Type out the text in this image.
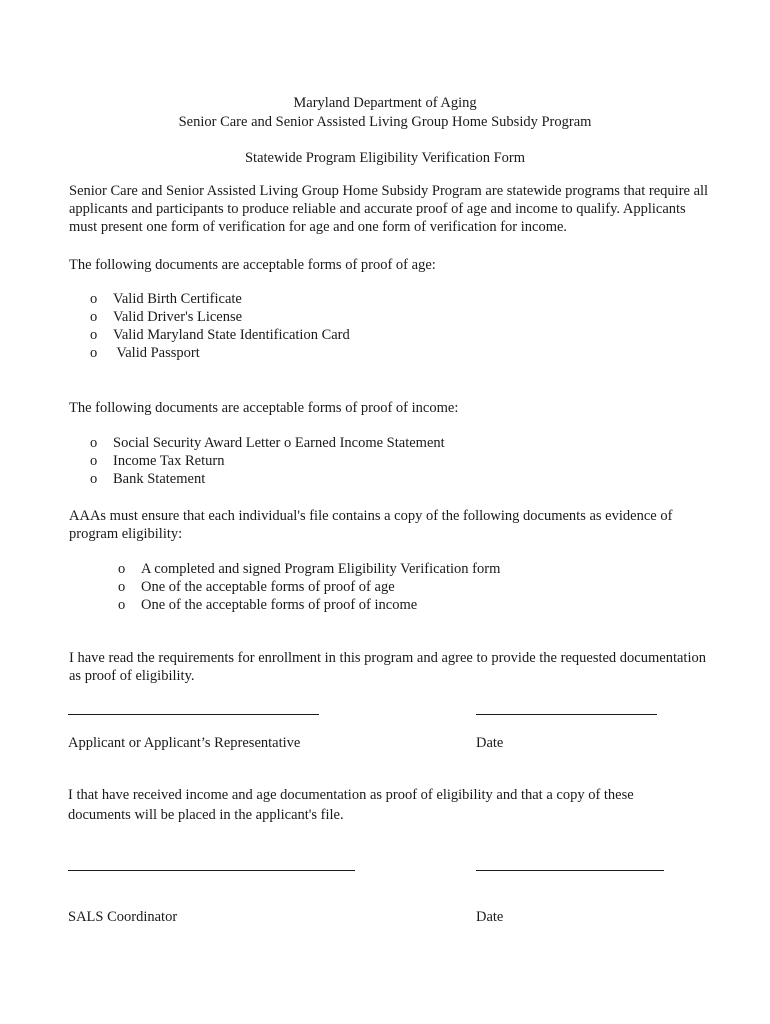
Maryland Department of Aging
Senior Care and Senior Assisted Living Group Home Subsidy Program
Statewide Program Eligibility Verification Form
Senior Care and Senior Assisted Living Group Home Subsidy Program are statewide programs that require all applicants and participants to produce reliable and accurate proof of age and income to qualify. Applicants must present one form of verification for age and one form of verification for income.
The following documents are acceptable forms of proof of age:
o Valid Birth Certificate
o Valid Driver's License
o Valid Maryland State Identification Card
o Valid Passport
The following documents are acceptable forms of proof of income:
o Social Security Award Letter o Earned Income Statement
o Income Tax Return
o Bank Statement
AAAs must ensure that each individual's file contains a copy of the following documents as evidence of program eligibility:
o A completed and signed Program Eligibility Verification form
o One of the acceptable forms of proof of age
o One of the acceptable forms of proof of income
I have read the requirements for enrollment in this program and agree to provide the requested documentation as proof of eligibility.
Applicant or Applicant’s Representative	Date
I that have received income and age documentation as proof of eligibility and that a copy of these
documents will be placed in the applicant's file.
SALS Coordinator	Date
